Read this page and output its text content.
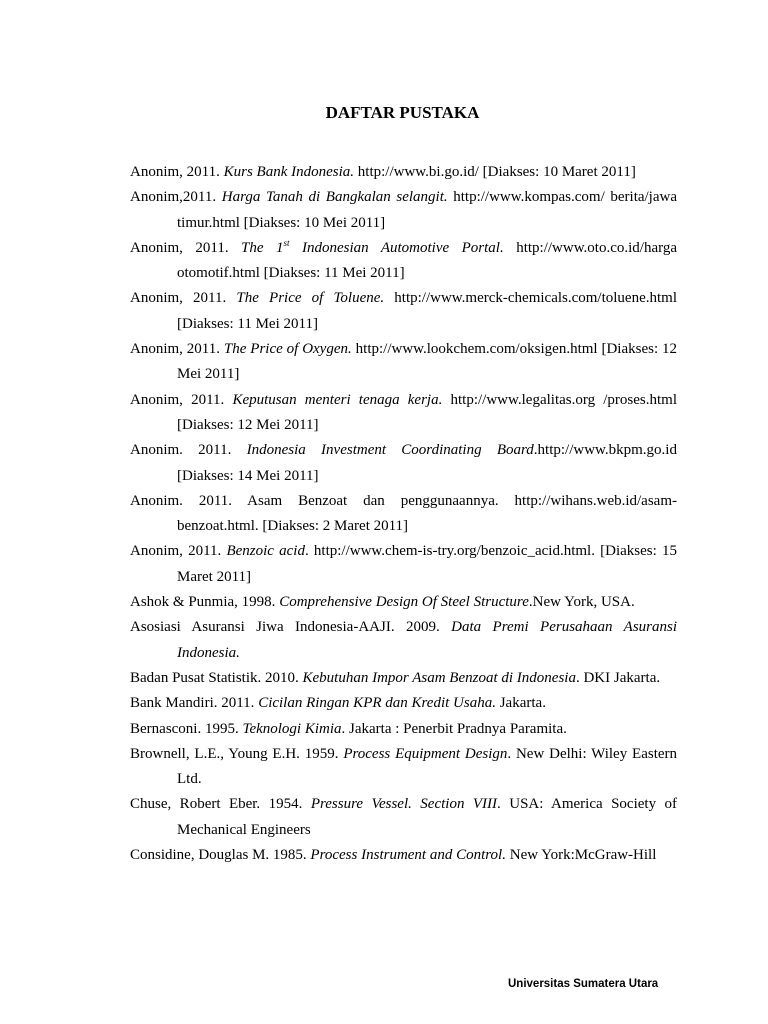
DAFTAR PUSTAKA

Anonim, 2011. Kurs Bank Indonesia. http://www.bi.go.id/ [Diakses: 10 Maret 2011]

Anonim,2011. Harga Tanah di Bangkalan selangit. http://www.kompas.com/ berita/jawa timur.html [Diakses: 10 Mei 2011]

Anonim, 2011. The 1st Indonesian Automotive Portal. http://www.oto.co.id/harga otomotif.html [Diakses: 11 Mei 2011]

Anonim, 2011. The Price of Toluene. http://www.merck-chemicals.com/toluene.html [Diakses: 11 Mei 2011]

Anonim, 2011. The Price of Oxygen. http://www.lookchem.com/oksigen.html [Diakses: 12 Mei 2011]

Anonim, 2011. Keputusan menteri tenaga kerja. http://www.legalitas.org /proses.html [Diakses: 12 Mei 2011]

Anonim. 2011. Indonesia Investment Coordinating Board.http://www.bkpm.go.id [Diakses: 14 Mei 2011]

Anonim. 2011. Asam Benzoat dan penggunaannya. http://wihans.web.id/asam-benzoat.html. [Diakses: 2 Maret 2011]

Anonim, 2011. Benzoic acid. http://www.chem-is-try.org/benzoic_acid.html. [Diakses: 15 Maret 2011]

Ashok & Punmia, 1998. Comprehensive Design Of Steel Structure.New York, USA.

Asosiasi Asuransi Jiwa Indonesia-AAJI. 2009. Data Premi Perusahaan Asuransi Indonesia.

Badan Pusat Statistik. 2010. Kebutuhan Impor Asam Benzoat di Indonesia. DKI Jakarta.

Bank Mandiri. 2011. Cicilan Ringan KPR dan Kredit Usaha. Jakarta.

Bernasconi. 1995. Teknologi Kimia. Jakarta : Penerbit Pradnya Paramita.

Brownell, L.E., Young E.H. 1959. Process Equipment Design. New Delhi: Wiley Eastern Ltd.

Chuse, Robert Eber. 1954. Pressure Vessel. Section VIII. USA: America Society of Mechanical Engineers

Considine, Douglas M. 1985. Process Instrument and Control. New York:McGraw-Hill

Universitas Sumatera Utara
